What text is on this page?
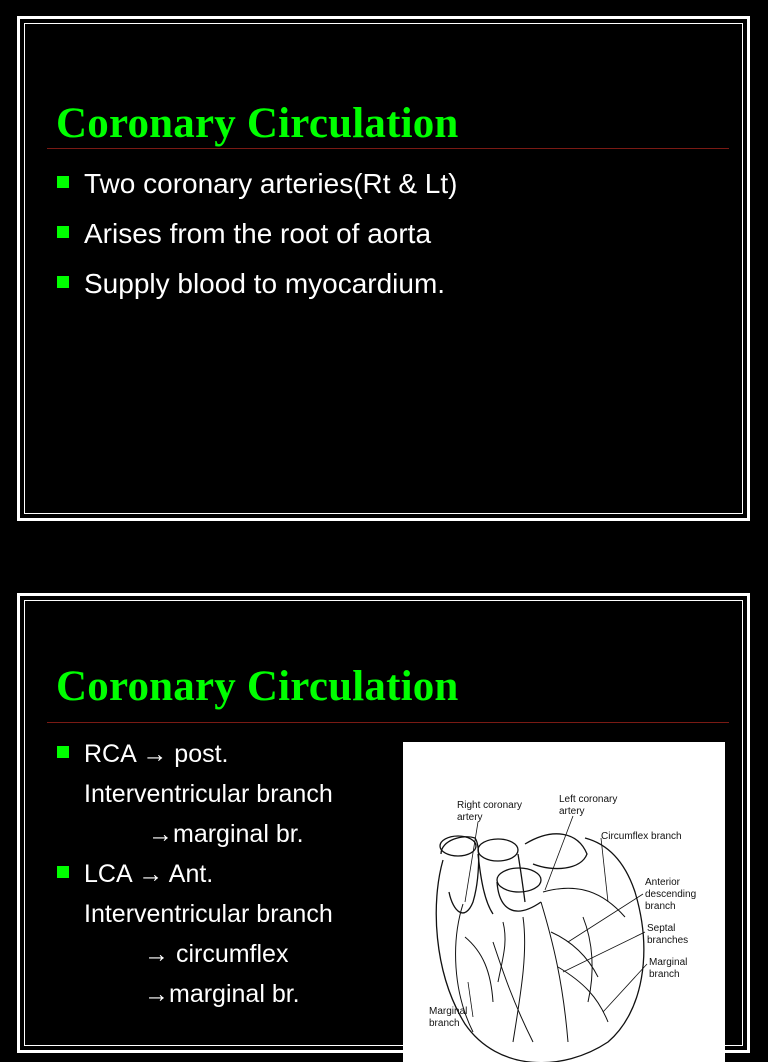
Coronary Circulation
Two coronary arteries(Rt & Lt)
Arises from the root of aorta
Supply blood to myocardium.
Coronary Circulation
RCA → post.
Interventricular branch
→marginal br.
LCA → Ant.
Interventricular branch
→ circumflex
→marginal br.
Right coronary
artery
Left coronary
artery
Circumflex branch
Anterior
descending
branch
Septal
branches
Marginal
branch
Marginal
branch
